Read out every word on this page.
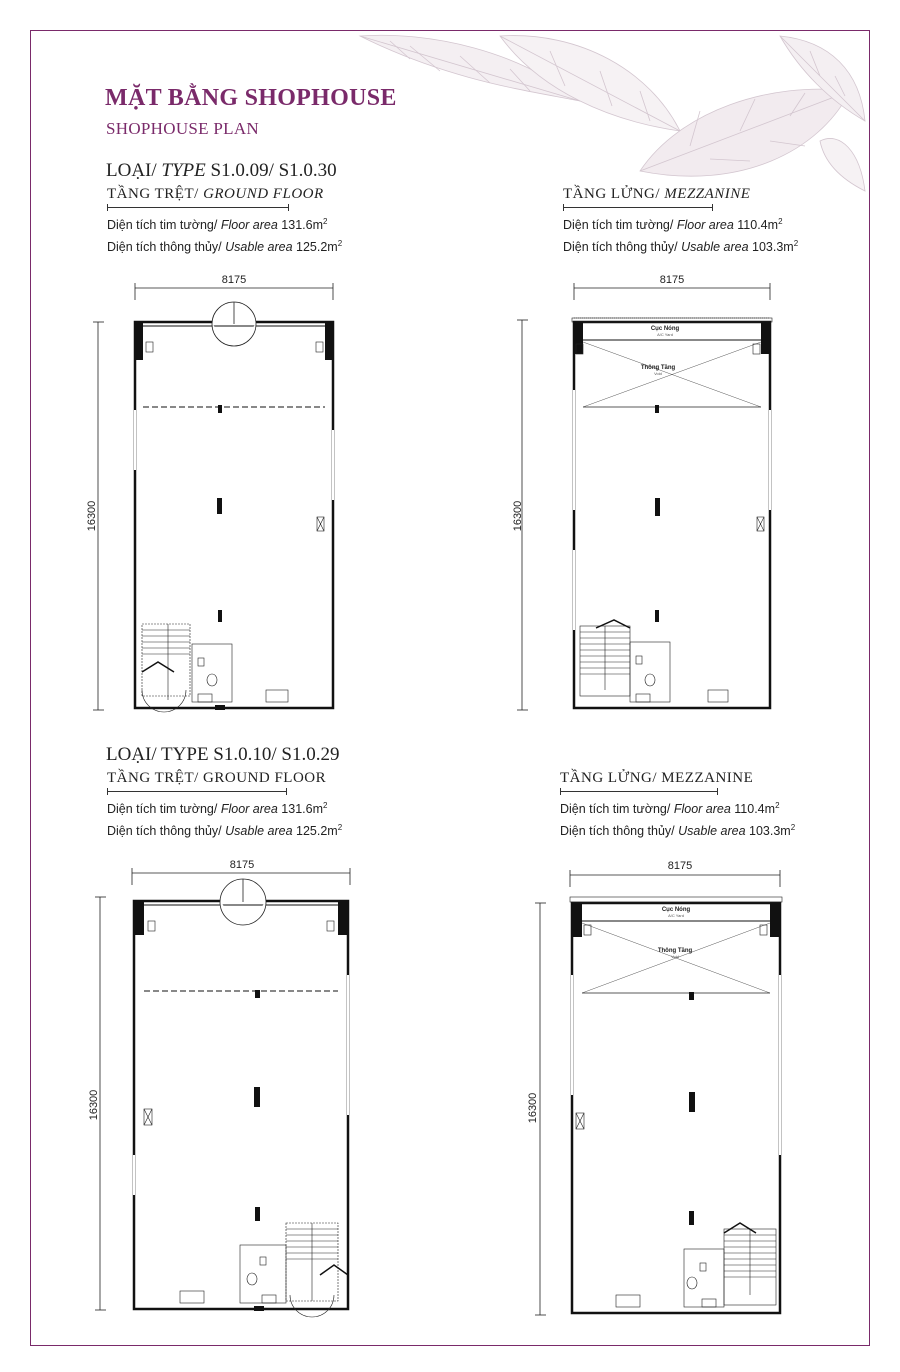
MẶT BẰNG SHOPHOUSE
SHOPHOUSE PLAN
LOẠI/ TYPE S1.0.09/ S1.0.30
TẦNG TRỆT/ GROUND FLOOR
Diện tích tim tường/ Floor area $131.6m^2$
Diện tích thông thủy/ Usable area $125.2m^2$
TẦNG LỬNG/ MEZZANINE
Diện tích tim tường/ Floor area $110.4m^2$
Diện tích thông thủy/ Usable area $103.3m^2$
LOẠI/ TYPE S1.0.10/ S1.0.29
TẦNG TRỆT/ GROUND FLOOR
Diện tích tim tường/ Floor area $131.6m^2$
Diện tích thông thủy/ Usable area $125.2m^2$
TẦNG LỬNG/ MEZZANINE
Diện tích tim tường/ Floor area $110.4m^2$
Diện tích thông thủy/ Usable area $103.3m^2$
8175
16300
8175
16300
Cục Nóng
A/C Yard
Thông Tầng
Void
8175
16300
8175
16300
Cục Nóng
A/C Yard
Thông Tầng
Void
